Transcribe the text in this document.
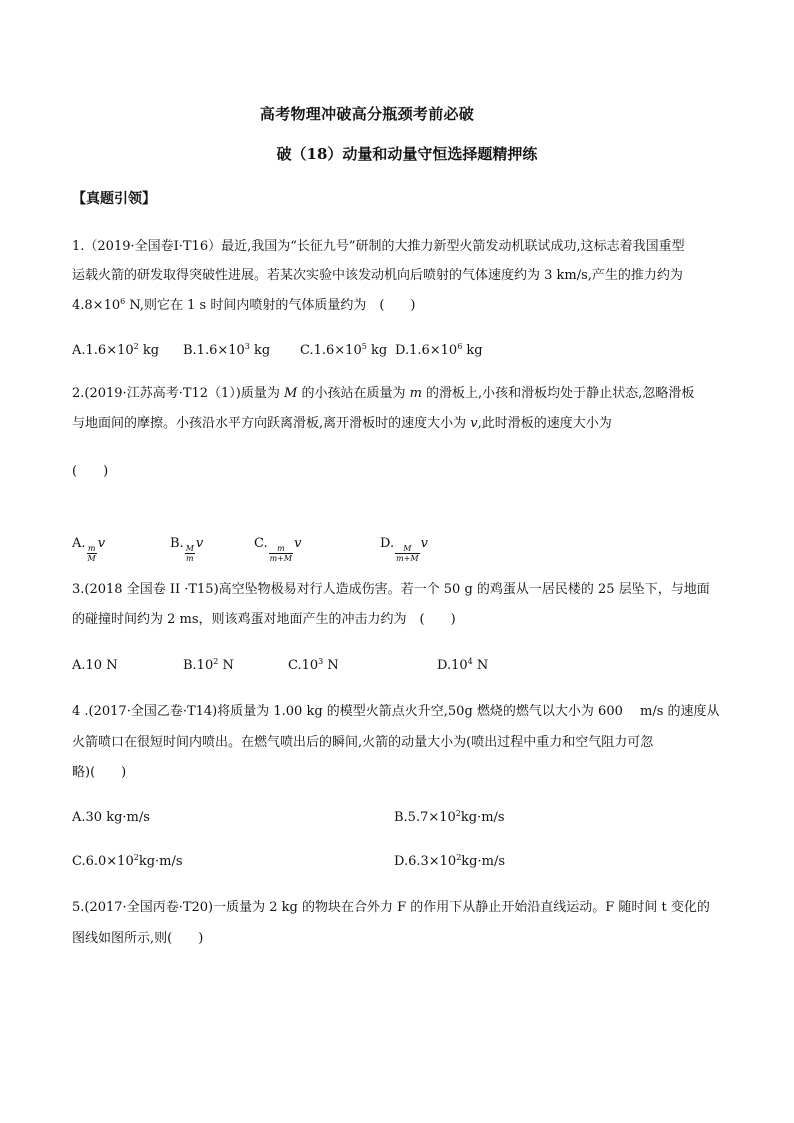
高考物理冲破高分瓶颈考前必破
破（18）动量和动量守恒选择题精押练
【真题引领】
1.（2019·全国卷Ⅰ·T16）最近,我国为“长征九号”研制的大推力新型火箭发动机联试成功,这标志着我国重型
运载火箭的研发取得突破性进展。若某次实验中该发动机向后喷射的气体速度约为 3 km/s,产生的推力约为
$4.8\times 10^6$ N,则它在 1 s 时间内喷射的气体质量约为　(　　)
$A.1.6\times 10^2$ kg $B.1.6\times 10^3$ kg $C.1.6\times 10^5$ kg $D.1.6\times 10^6$ kg
2.(2019·江苏高考·T12（1）)质量为 M 的小孩站在质量为 m 的滑板上,小孩和滑板均处于静止状态,忽略滑板
与地面间的摩擦。小孩沿水平方向跃离滑板,离开滑板时的速度大小为 v,此时滑板的速度大小为
(　　)
A.
$\frac{m}{M}$
v	B.
$\frac{M}{m}$
v	C.
$\frac{m}{m+M}$
v	D.
$\frac{M}{m+M}$
v
3.(2018 全国卷 II ·T15)高空坠物极易对行人造成伤害。若一个 50 g 的鸡蛋从一居民楼的 25 层坠下，与地面
的碰撞时间约为 2 ms，则该鸡蛋对地面产生的冲击力约为　(　　)
A.10 N	$B.10^2$ N	$C.10^3$ N	$D.10^4$ N
4 .(2017·全国乙卷·T14)将质量为 1.00 kg 的模型火箭点火升空,50g 燃烧的燃气以大小为 600　 m/s 的速度从
火箭喷口在很短时间内喷出。在燃气喷出后的瞬间,火箭的动量大小为(喷出过程中重力和空气阻力可忽
略)(　　)
A.30 kg·m/s	$B.5.7\times 10^2kg\cdot m/s$
$C.6.0\times 10^2kg\cdot m/s$	$D.6.3\times 10^2kg\cdot m/s$
5.(2017·全国丙卷·T20)一质量为 2 kg 的物块在合外力 F 的作用下从静止开始沿直线运动。F 随时间 t 变化的
图线如图所示,则(　　)
